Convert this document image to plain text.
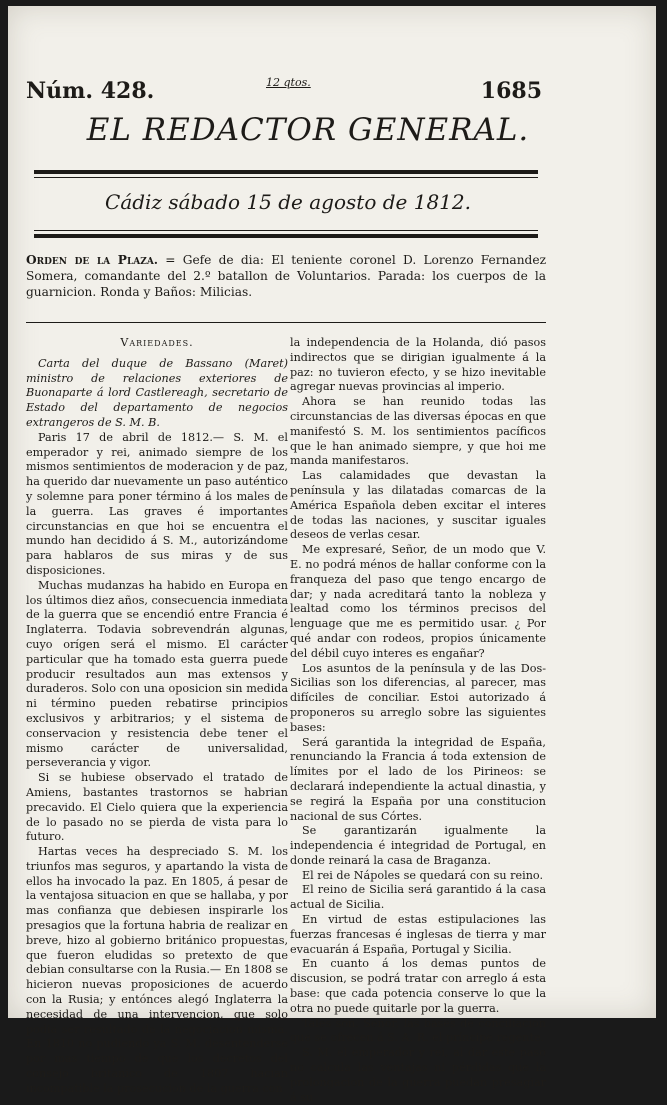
Núm. 428.	12 qtos.	1685
EL REDACTOR GENERAL.
Cádiz sábado 15 de agosto de 1812.
Orden de la Plaza. = Gefe de dia: El teniente coronel D. Lorenzo Fernandez Somera, comandante del 2.º batallon de Voluntarios. Parada: los cuerpos de la guarnicion. Ronda y Baños: Milicias.
Variedades.

Carta del duque de Bassano (Maret) ministro de relaciones exteriores de Buonaparte á lord Castlereagh, secretario de Estado del departamento de negocios extrangeros de S. M. B.

Paris 17 de abril de 1812.— S. M. el emperador y rei, animado siempre de los mismos sentimientos de moderacion y de paz, ha querido dar nuevamente un paso auténtico y solemne para poner término á los males de la guerra. Las graves é importantes circunstancias en que hoi se encuentra el mundo han decidido á S. M., autorizándome para hablaros de sus miras y de sus disposiciones.

Muchas mudanzas ha habido en Europa en los últimos diez años, consecuencia inmediata de la guerra que se encendió entre Francia é Inglaterra. Todavia sobrevendrán algunas, cuyo orígen será el mismo. El carácter particular que ha tomado esta guerra puede producir resultados aun mas extensos y duraderos. Solo con una oposicion sin medida ni término pueden rebatirse principios exclusivos y arbitrarios; y el sistema de conservacion y resistencia debe tener el mismo carácter de universalidad, perseverancia y vigor.

Si se hubiese observado el tratado de Amiens, bastantes trastornos se habrian precavido. El Cielo quiera que la experiencia de lo pasado no se pierda de vista para lo futuro.

Hartas veces ha despreciado S. M. los triunfos mas seguros, y apartando la vista de ellos ha invocado la paz. En 1805, á pesar de la ventajosa situacion en que se hallaba, y por mas confianza que debiesen inspirarle los presagios que la fortuna habria de realizar en breve, hizo al gobierno británico propuestas, que fueron eludidas so pretexto de que debian consultarse con la Rusia.— En 1808 se hicieron nuevas proposiciones de acuerdo con la Rusia; y entónces alegó Inglaterra la necesidad de una intervencion, que solo podia ser resultado de la negociacion misma. En 1810 no pudiendo ya S. M. desentenderse por mas tiempo de que los decretos del consejo británico de 1807 hacian incompatible la prosecucion de la guerra con

la independencia de la Holanda, dió pasos indirectos que se dirigian igualmente á la paz: no tuvieron efecto, y se hizo inevitable agregar nuevas provincias al imperio.

Ahora se han reunido todas las circunstancias de las diversas épocas en que manifestó S. M. los sentimientos pacíficos que le han animado siempre, y que hoi me manda manifestaros.

Las calamidades que devastan la península y las dilatadas comarcas de la América Española deben excitar el interes de todas las naciones, y suscitar iguales deseos de verlas cesar.

Me expresaré, Señor, de un modo que V. E. no podrá ménos de hallar conforme con la franqueza del paso que tengo encargo de dar; y nada acreditará tanto la nobleza y lealtad como los términos precisos del lenguage que me es permitido usar. ¿ Por qué andar con rodeos, propios únicamente del débil cuyo interes es engañar?

Los asuntos de la península y de las Dos-Sicilias son los diferencias, al parecer, mas difíciles de conciliar. Estoi autorizado á proponeros su arreglo sobre las siguientes bases:

Será garantida la integridad de España, renunciando la Francia á toda extension de límites por el lado de los Pirineos: se declarará independiente la actual dinastia, y se regirá la España por una constitucion nacional de sus Córtes.

Se garantizarán igualmente la independencia é integridad de Portugal, en donde reinará la casa de Braganza.

El rei de Nápoles se quedará con su reino.

El reino de Sicilia será garantido á la casa actual de Sicilia.

En virtud de estas estipulaciones las fuerzas francesas é inglesas de tierra y mar evacuarán á España, Portugal y Sicilia.

En cuanto á los demas puntos de discusion, se podrá tratar con arreglo á esta base: que cada potencia conserve lo que la otra no puede quitarle por la guerra.

Tales son, Señor, las bases de conciliacion que se ofrecen á S. A. R. el príncipe regente.

S. M. el emperador y rei, al dar este paso no calcula las ventajas ni pérdidas que la prolongacion de la guerra puedan presagiar á su
